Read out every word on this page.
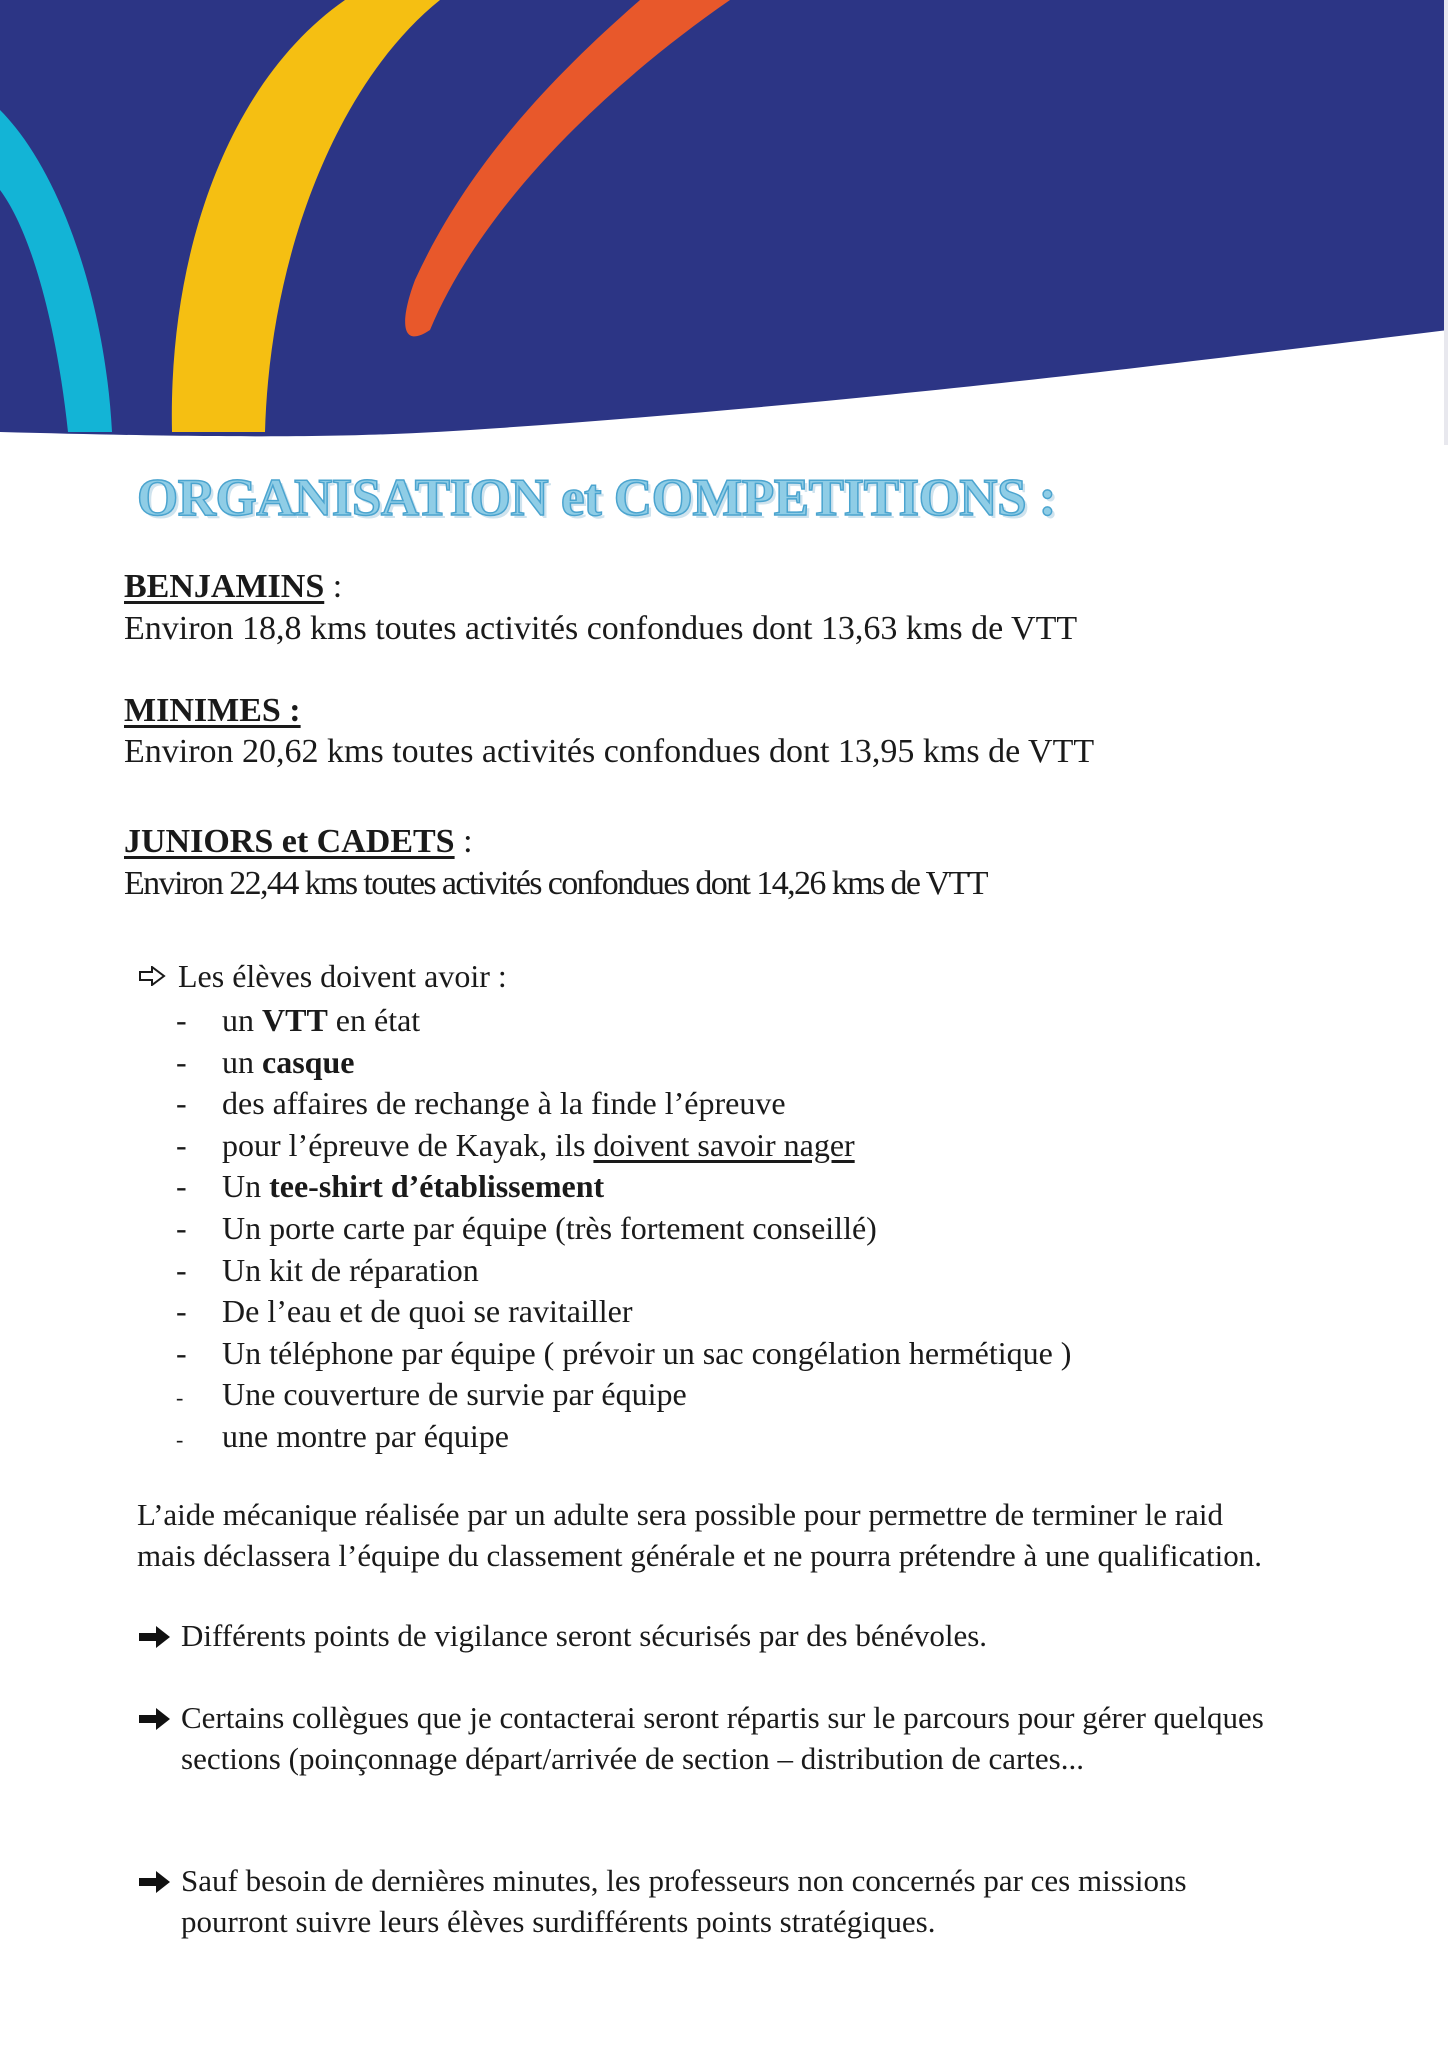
ORGANISATION et COMPETITIONS :
BENJAMINS :
Environ 18,8 kms toutes activités confondues dont 13,63 kms de VTT
MINIMES :
Environ 20,62 kms toutes activités confondues dont 13,95 kms de VTT
JUNIORS et CADETS :
Environ 22,44 kms toutes activités confondues dont 14,26 kms de VTT
Les élèves doivent avoir :
- un VTT en état
- un casque
- des affaires de rechange à la finde l’épreuve
- pour l’épreuve de Kayak, ils doivent savoir nager
- Un tee-shirt d’établissement
- Un porte carte par équipe (très fortement conseillé)
- Un kit de réparation
- De l’eau et de quoi se ravitailler
- Un téléphone par équipe ( prévoir un sac congélation hermétique )
- Une couverture de survie par équipe
- une montre par équipe
L’aide mécanique réalisée par un adulte sera possible pour permettre de terminer le raid mais déclassera l’équipe du classement générale et ne pourra prétendre à une qualification.
Différents points de vigilance seront sécurisés par des bénévoles.
Certains collègues que je contacterai seront répartis sur le parcours pour gérer quelques sections (poinçonnage départ/arrivée de section – distribution de cartes...
Sauf besoin de dernières minutes, les professeurs non concernés par ces missions pourront suivre leurs élèves surdifférents points stratégiques.
